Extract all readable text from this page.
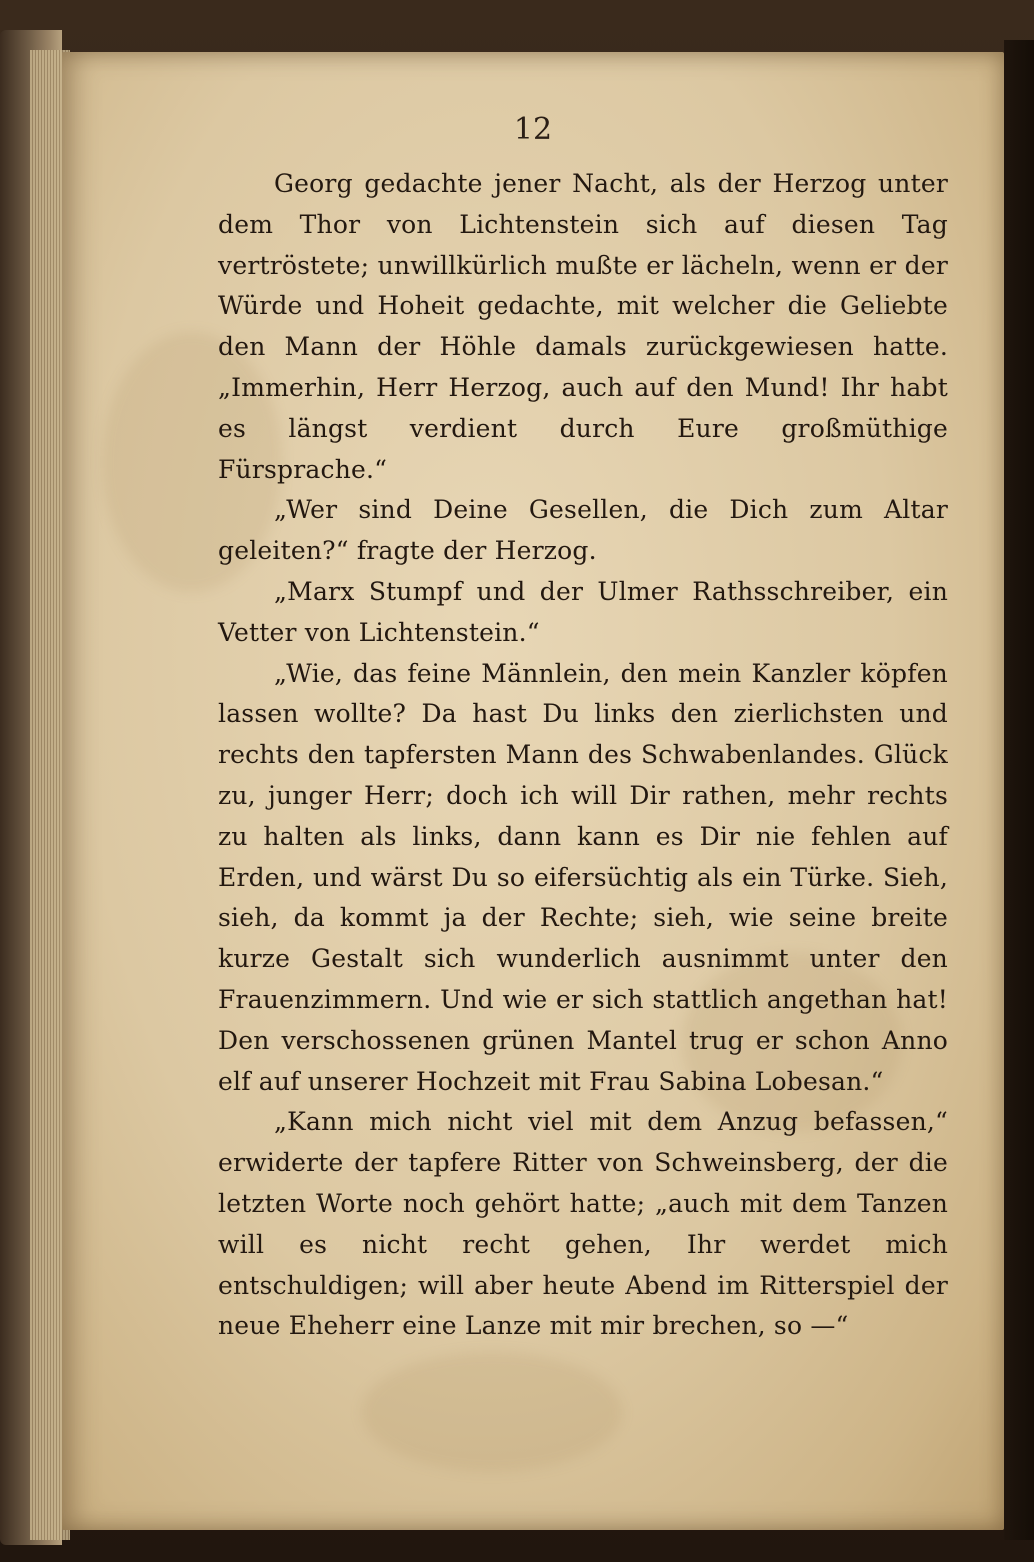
12

Georg gedachte jener Nacht, als der Herzog unter dem Thor von Lichtenstein sich auf diesen Tag vertröstete; unwillkürlich mußte er lächeln, wenn er der Würde und Hoheit gedachte, mit welcher die Geliebte den Mann der Höhle damals zurückgewiesen hatte. „Immerhin, Herr Herzog, auch auf den Mund! Ihr habt es längst verdient durch Eure großmüthige Fürsprache.“

„Wer sind Deine Gesellen, die Dich zum Altar geleiten?“ fragte der Herzog.

„Marx Stumpf und der Ulmer Rathsschreiber, ein Vetter von Lichtenstein.“

„Wie, das feine Männlein, den mein Kanzler köpfen lassen wollte? Da hast Du links den zierlichsten und rechts den tapfersten Mann des Schwabenlandes. Glück zu, junger Herr; doch ich will Dir rathen, mehr rechts zu halten als links, dann kann es Dir nie fehlen auf Erden, und wärst Du so eifersüchtig als ein Türke. Sieh, sieh, da kommt ja der Rechte; sieh, wie seine breite kurze Gestalt sich wunderlich ausnimmt unter den Frauenzimmern. Und wie er sich stattlich angethan hat! Den verschossenen grünen Mantel trug er schon Anno elf auf unserer Hochzeit mit Frau Sabina Lobesan.“

„Kann mich nicht viel mit dem Anzug befassen,“ erwiderte der tapfere Ritter von Schweinsberg, der die letzten Worte noch gehört hatte; „auch mit dem Tanzen will es nicht recht gehen, Ihr werdet mich entschuldigen; will aber heute Abend im Ritterspiel der neue Eheherr eine Lanze mit mir brechen, so —“
